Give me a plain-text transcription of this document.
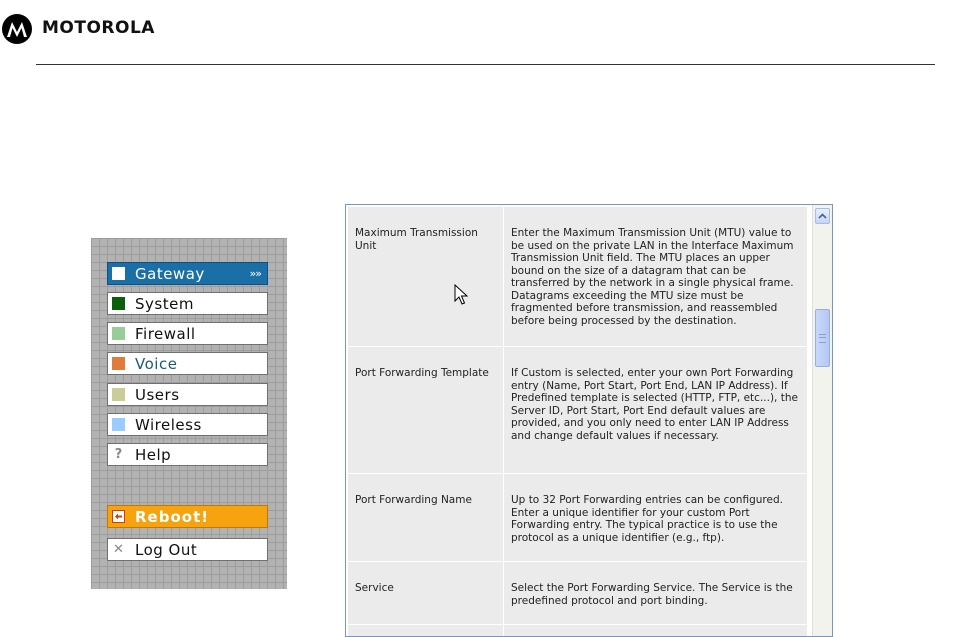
MOTOROLA
Gateway	»»
System
Firewall
Voice
Users
Wireless
? Help
Reboot!
✕ Log Out
Maximum Transmission Unit	Enter the Maximum Transmission Unit (MTU) value to be used on the private LAN in the Interface Maximum Transmission Unit field. The MTU places an upper bound on the size of a datagram that can be transferred by the network in a single physical frame. Datagrams exceeding the MTU size must be fragmented before transmission, and reassembled before being processed by the destination.
Port Forwarding Template	If Custom is selected, enter your own Port Forwarding entry (Name, Port Start, Port End, LAN IP Address). If Predefined template is selected (HTTP, FTP, etc...), the Server ID, Port Start, Port End default values are provided, and you only need to enter LAN IP Address and change default values if necessary.
Port Forwarding Name	Up to 32 Port Forwarding entries can be configured. Enter a unique identifier for your custom Port Forwarding entry. The typical practice is to use the protocol as a unique identifier (e.g., ftp).
Service	Select the Port Forwarding Service. The Service is the predefined protocol and port binding.
